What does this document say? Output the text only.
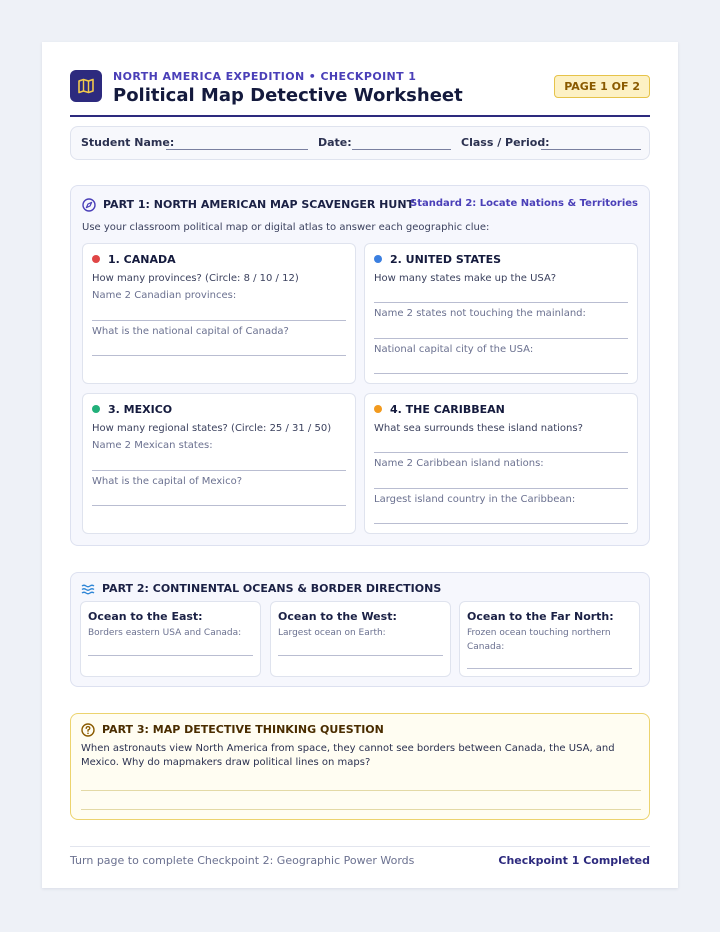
NORTH AMERICA EXPEDITION • CHECKPOINT 1
Political Map Detective Worksheet	PAGE 1 OF 2
Student Name:	Date:	Class / Period:
PART 1: NORTH AMERICAN MAP SCAVENGER HUNT
Standard 2: Locate Nations & Territories
Use your classroom political map or digital atlas to answer each geographic clue:
1. CANADA
How many provinces? (Circle: 8 / 10 / 12)
Name 2 Canadian provinces:
What is the national capital of Canada?
2. UNITED STATES
How many states make up the USA?
Name 2 states not touching the mainland:
National capital city of the USA:
3. MEXICO
How many regional states? (Circle: 25 / 31 / 50)
Name 2 Mexican states:
What is the capital of Mexico?
4. THE CARIBBEAN
What sea surrounds these island nations?
Name 2 Caribbean island nations:
Largest island country in the Caribbean:
PART 2: CONTINENTAL OCEANS & BORDER DIRECTIONS
Ocean to the East:
Borders eastern USA and Canada:
Ocean to the West:
Largest ocean on Earth:
Ocean to the Far North:
Frozen ocean touching northern Canada:
PART 3: MAP DETECTIVE THINKING QUESTION
When astronauts view North America from space, they cannot see borders between Canada, the USA, and Mexico. Why do mapmakers draw political lines on maps?
Turn page to complete Checkpoint 2: Geographic Power Words	Checkpoint 1 Completed
